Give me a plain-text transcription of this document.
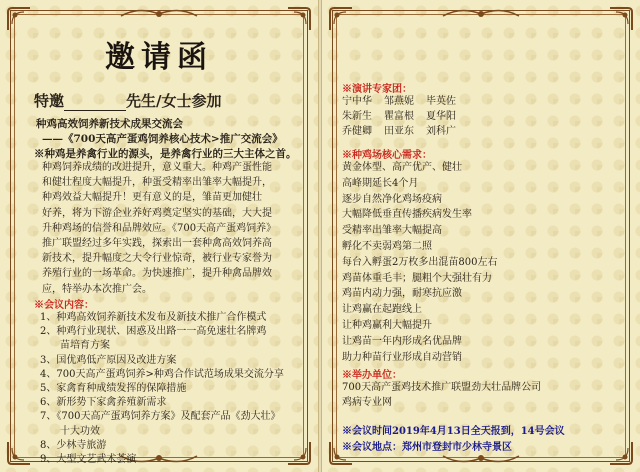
邀请函
特邀	先生/女士参加
种鸡高效饲养新技术成果交流会
——《700天高产蛋鸡饲养核心技术>推广交流会》
※种鸡是养禽行业的源头，是养禽行业的三大主体之首。
种鸡饲养成绩的改进提升，意义重大。种鸡产蛋性能
和健壮程度大幅提升，种蛋受精率出雏率大幅提升，
种鸡效益大幅提升！更有意义的是，雏苗更加健壮
好养，将为下游企业养好鸡奠定坚实的基础，大大提
升种鸡场的信誉和品牌效应。《700天高产蛋鸡饲养》
推广联盟经过多年实践，探索出一套种禽高效饲养高
新技术，提升幅度之大令行业惊奇，被行业专家誉为
养殖行业的一场革命。为快速推广，提升种禽品牌效
应，特举办本次推广会。
※会议内容：
1、种鸡高效饲养新技术发布及新技术推广合作模式
2、种鸡行业现状、困惑及出路一一高免速壮名牌鸡
　　苗培育方案
3、国优鸡低产原因及改进方案
4、700天高产蛋鸡饲养>种鸡合作试范场成果交流分享
5、家禽育种成绩发挥的保障措施
6、新形势下家禽养殖新需求
7、《700天高产蛋鸡饲养方案》及配套产品《劲大壮》
　　十大功效
8、少林寺旅游
9、大型文艺武术荟演
※演讲专家团：
宁中华 邹燕妮 毕英佐
朱新生 瞿富根 夏华阳
乔健卿 田亚东 刘科广
※种鸡场核心需求：
黄金体型、高产优产、健壮
高峰期延长4个月
逐步自然净化鸡场疫病
大幅降低垂直传播疾病发生率
受精率出雏率大幅提高
孵化不卖弱鸡第二照
每台入孵蛋2万枚多出混苗800左右
鸡苗体重毛丰；腿粗个大强壮有力
鸡苗内动力强，耐寒抗应激
让鸡赢在起跑线上
让种鸡赢利大幅提升
让鸡苗一年内形成名优品牌
助力种苗行业形成自动营销
※举办单位：
700天高产蛋鸡技术推广联盟劲大壮品牌公司
鸡病专业网
※会议时间2019年4月13日全天报到，14号会议
※会议地点：郑州市登封市少林寺景区
